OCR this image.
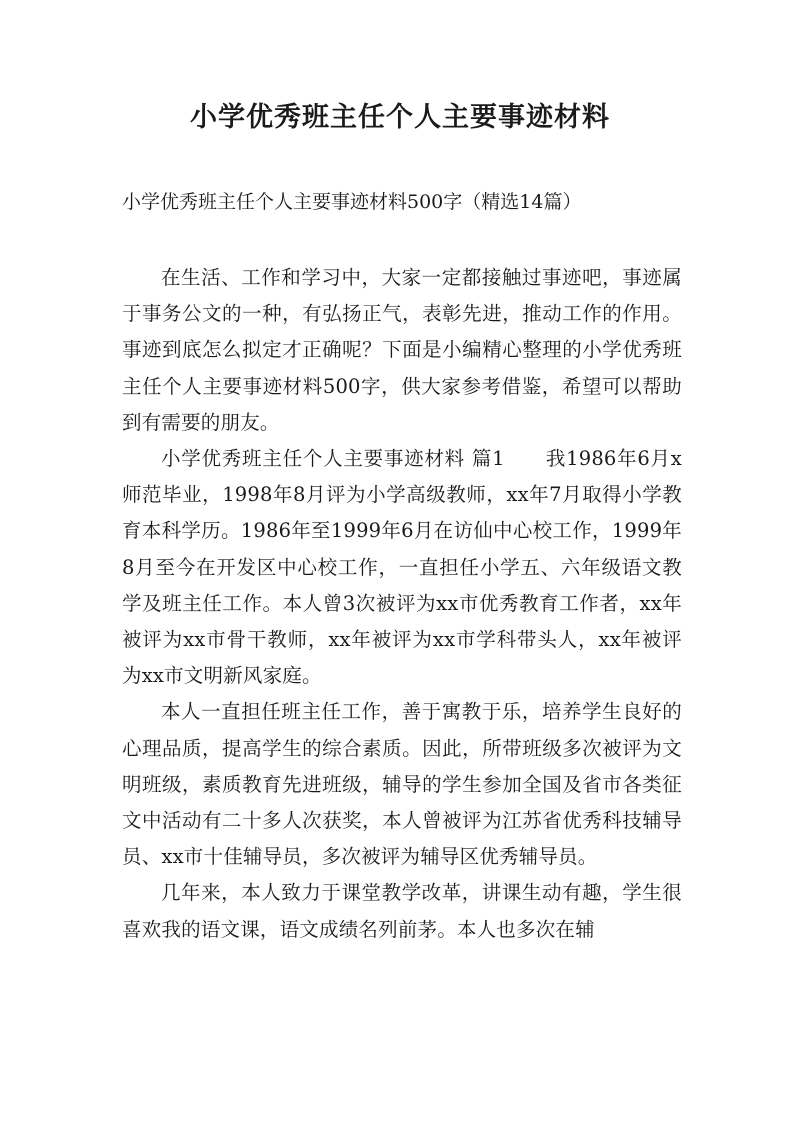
小学优秀班主任个人主要事迹材料
小学优秀班主任个人主要事迹材料500字（精选14篇）

在生活、工作和学习中，大家一定都接触过事迹吧，事迹属于事务公文的一种，有弘扬正气，表彰先进，推动工作的作用。事迹到底怎么拟定才正确呢？下面是小编精心整理的小学优秀班主任个人主要事迹材料500字，供大家参考借鉴，希望可以帮助到有需要的朋友。

小学优秀班主任个人主要事迹材料 篇1　　我1986年6月x师范毕业，1998年8月评为小学高级教师，xx年7月取得小学教育本科学历。1986年至1999年6月在访仙中心校工作，1999年8月至今在开发区中心校工作，一直担任小学五、六年级语文教学及班主任工作。本人曾3次被评为xx市优秀教育工作者，xx年被评为xx市骨干教师，xx年被评为xx市学科带头人，xx年被评为xx市文明新风家庭。

本人一直担任班主任工作，善于寓教于乐，培养学生良好的心理品质，提高学生的综合素质。因此，所带班级多次被评为文明班级，素质教育先进班级，辅导的学生参加全国及省市各类征文中活动有二十多人次获奖，本人曾被评为江苏省优秀科技辅导员、xx市十佳辅导员，多次被评为辅导区优秀辅导员。

几年来，本人致力于课堂教学改革，讲课生动有趣，学生很喜欢我的语文课，语文成绩名列前茅。本人也多次在辅
